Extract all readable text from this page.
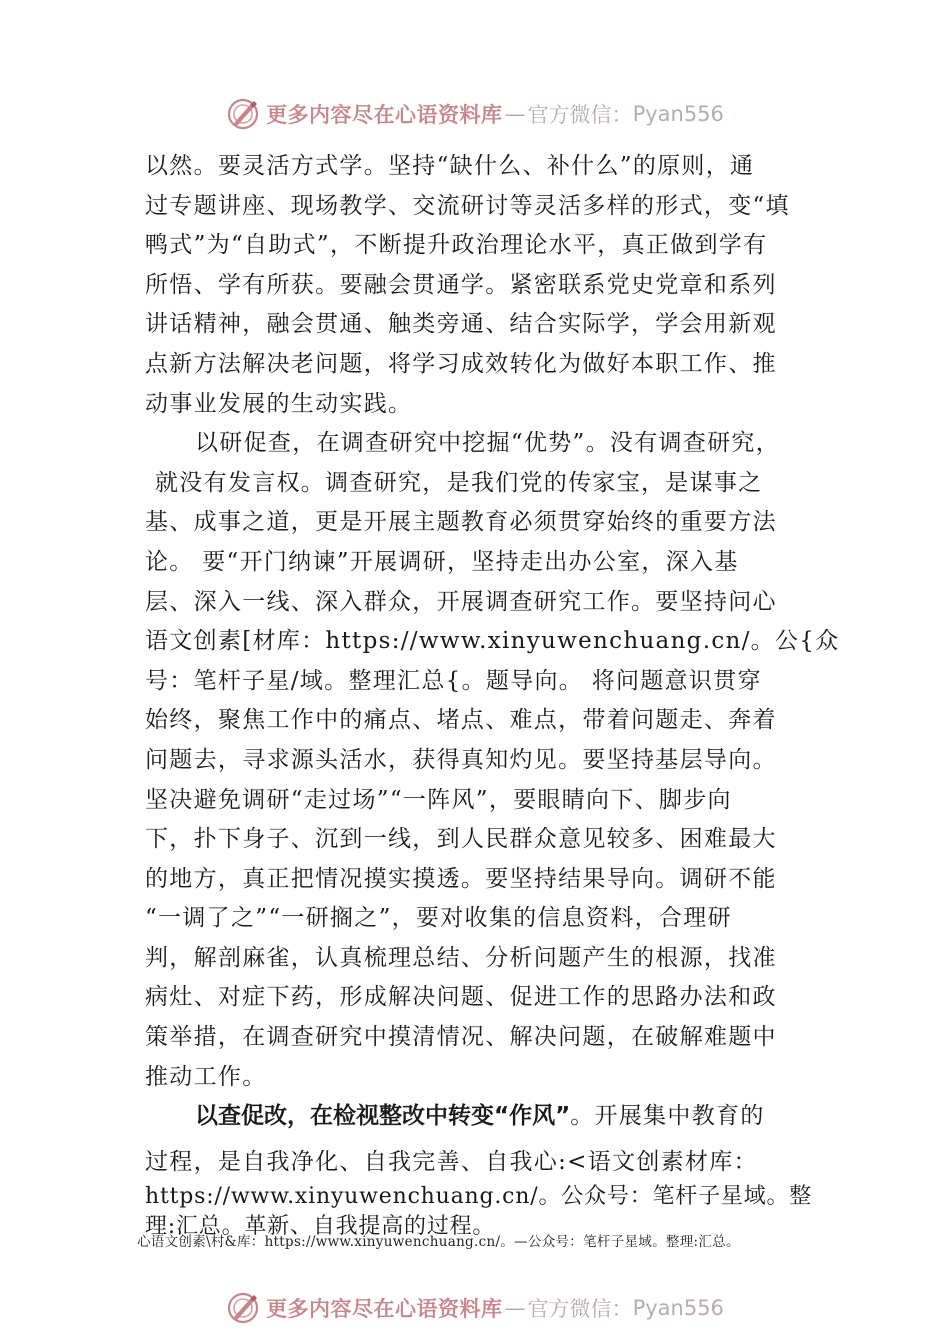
更多内容尽在心语资料库 — 官方微信： Pyan556
以然。要灵活方式学。坚持“缺什么、补什么”的原则，通
过专题讲座、现场教学、交流研讨等灵活多样的形式，变“填
鸭式”为“自助式”，不断提升政治理论水平，真正做到学有
所悟、学有所获。要融会贯通学。紧密联系党史党章和系列
讲话精神，融会贯通、触类旁通、结合实际学，学会用新观
点新方法解决老问题，将学习成效转化为做好本职工作、推
动事业发展的生动实践。
以研促查，在调查研究中挖掘“优势”。没有调查研究，
就没有发言权。调查研究，是我们党的传家宝，是谋事之
基、成事之道，更是开展主题教育必须贯穿始终的重要方法
论。 要“开门纳谏”开展调研，坚持走出办公室，深入基
层、深入一线、深入群众，开展调查研究工作。要坚持问心
语文创素[材库：https://www.xinyuwenchuang.cn/。公{众
号：笔杆子星/域。整理汇总{。题导向。 将问题意识贯穿
始终，聚焦工作中的痛点、堵点、难点，带着问题走、奔着
问题去，寻求源头活水，获得真知灼见。要坚持基层导向。
坚决避免调研“走过场”“一阵风”，要眼睛向下、脚步向
下，扑下身子、沉到一线，到人民群众意见较多、困难最大
的地方，真正把情况摸实摸透。要坚持结果导向。调研不能
“一调了之”“一研搁之”，要对收集的信息资料，合理研
判，解剖麻雀，认真梳理总结、分析问题产生的根源，找准
病灶、对症下药，形成解决问题、促进工作的思路办法和政
策举措，在调查研究中摸清情况、解决问题，在破解难题中
推动工作。
以查促改，在检视整改中转变“作风”。开展集中教育的
过程，是自我净化、自我完善、自我心:<语文创素材库：
https://www.xinyuwenchuang.cn/。公众号：笔杆子星域。整
理:汇总。革新、自我提高的过程。
心语文创素\村&库：https://www.xinyuwenchuang.cn/。—公众号：笔杆子星域。整理:汇总。
更多内容尽在心语资料库 — 官方微信： Pyan556
